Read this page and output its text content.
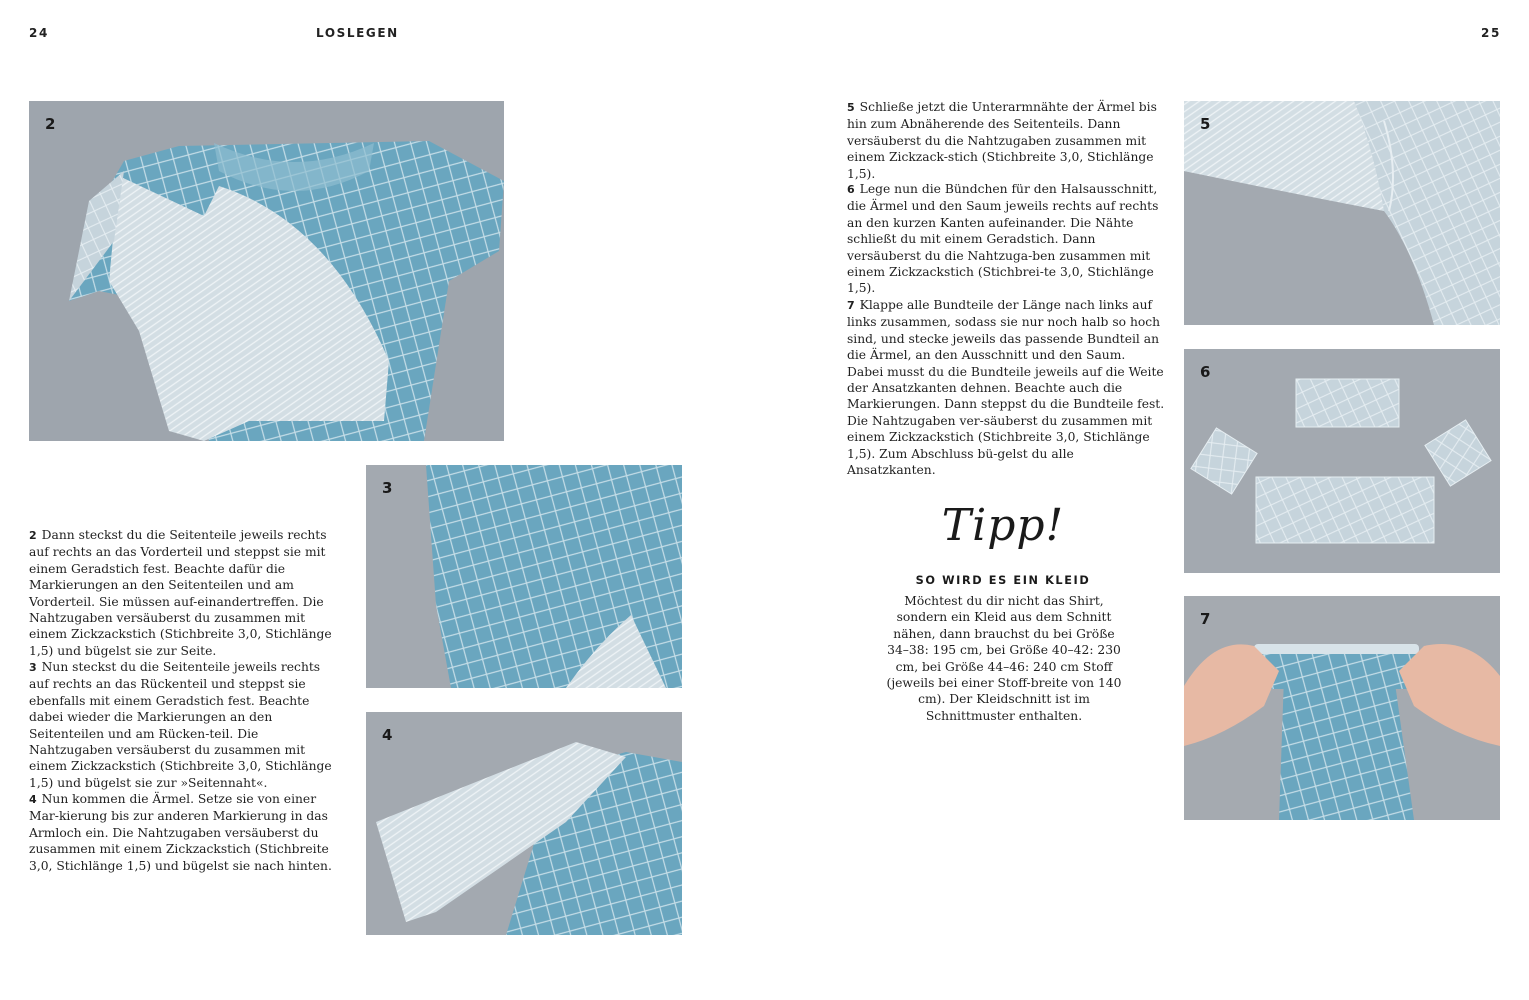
24	LOSLEGEN	25
2
3
4
5
6
7

2 Dann steckst du die Seitenteile jeweils rechts auf rechts an das Vorderteil und steppst sie mit einem Geradstich fest. Beachte dafür die Markierungen an den Seitenteilen und am Vorderteil. Sie müssen auf-einandertreffen. Die Nahtzugaben versäuberst du zusammen mit einem Zickzackstich (Stichbreite 3,0, Stichlänge 1,5) und bügelst sie zur Seite.

3 Nun steckst du die Seitenteile jeweils rechts auf rechts an das Rückenteil und steppst sie ebenfalls mit einem Geradstich fest. Beachte dabei wieder die Markierungen an den Seitenteilen und am Rücken-teil. Die Nahtzugaben versäuberst du zusammen mit einem Zickzackstich (Stichbreite 3,0, Stichlänge 1,5) und bügelst sie zur »Seitennaht«.

4 Nun kommen die Ärmel. Setze sie von einer Mar-kierung bis zur anderen Markierung in das Armloch ein. Die Nahtzugaben versäuberst du zusammen mit einem Zickzackstich (Stichbreite 3,0, Stichlänge 1,5) und bügelst sie nach hinten.

5 Schließe jetzt die Unterarmnähte der Ärmel bis hin zum Abnäherende des Seitenteils. Dann versäuberst du die Nahtzugaben zusammen mit einem Zickzack-stich (Stichbreite 3,0, Stichlänge 1,5).

6 Lege nun die Bündchen für den Halsausschnitt, die Ärmel und den Saum jeweils rechts auf rechts an den kurzen Kanten aufeinander. Die Nähte schließt du mit einem Geradstich. Dann versäuberst du die Nahtzuga-ben zusammen mit einem Zickzackstich (Stichbrei-te 3,0, Stichlänge 1,5).

7 Klappe alle Bundteile der Länge nach links auf links zusammen, sodass sie nur noch halb so hoch sind, und stecke jeweils das passende Bundteil an die Ärmel, an den Ausschnitt und den Saum. Dabei musst du die Bundteile jeweils auf die Weite der Ansatzkanten dehnen. Beachte auch die Markierungen. Dann steppst du die Bundteile fest. Die Nahtzugaben ver-säuberst du zusammen mit einem Zickzackstich (Stichbreite 3,0, Stichlänge 1,5). Zum Abschluss bü-gelst du alle Ansatzkanten.

Tipp!
SO WIRD ES EIN KLEID

Möchtest du dir nicht das Shirt, sondern ein Kleid aus dem Schnitt nähen, dann brauchst du bei Größe 34–38: 195 cm, bei Größe 40–42: 230 cm, bei Größe 44–46: 240 cm Stoff (jeweils bei einer Stoff-breite von 140 cm). Der Kleidschnitt ist im Schnittmuster enthalten.
